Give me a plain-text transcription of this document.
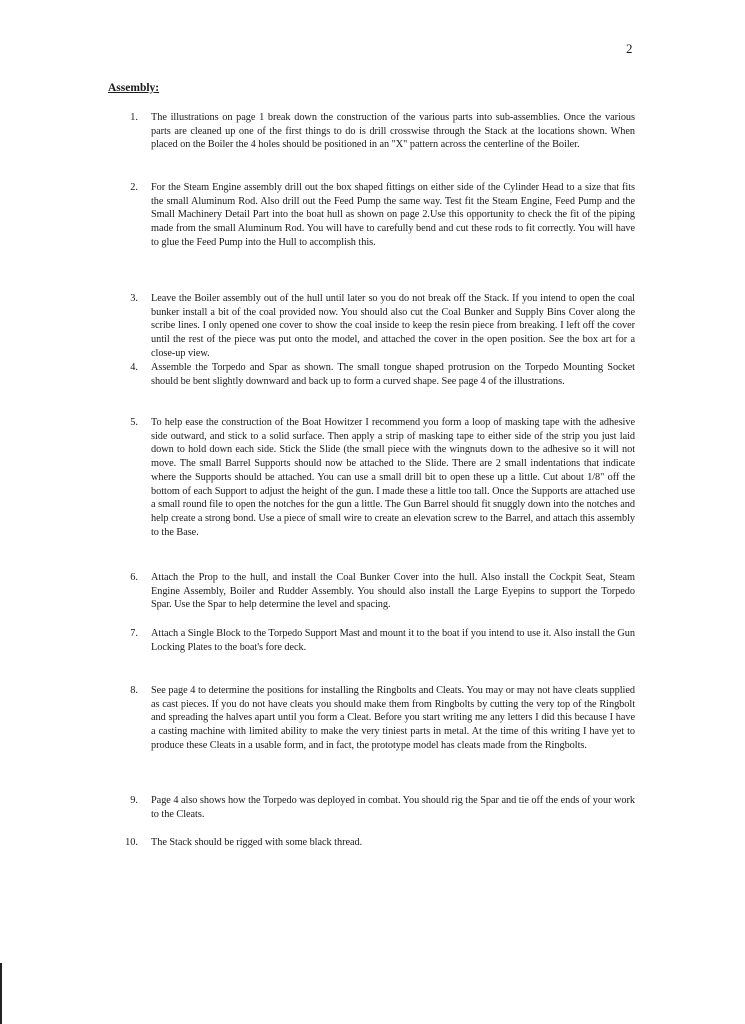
2
Assembly:
1. The illustrations on page 1 break down the construction of the various parts into sub-assemblies. Once the various parts are cleaned up one of the first things to do is drill crosswise through the Stack at the locations shown. When placed on the Boiler the 4 holes should be positioned in an "X" pattern across the centerline of the Boiler.
2. For the Steam Engine assembly drill out the box shaped fittings on either side of the Cylinder Head to a size that fits the small Aluminum Rod. Also drill out the Feed Pump the same way. Test fit the Steam Engine, Feed Pump and the Small Machinery Detail Part into the boat hull as shown on page 2.Use this opportunity to check the fit of the piping made from the small Aluminum Rod. You will have to carefully bend and cut these rods to fit correctly. You will have to glue the Feed Pump into the Hull to accomplish this.
3. Leave the Boiler assembly out of the hull until later so you do not break off the Stack. If you intend to open the coal bunker install a bit of the coal provided now. You should also cut the Coal Bunker and Supply Bins Cover along the scribe lines. I only opened one cover to show the coal inside to keep the resin piece from breaking. I left off the cover until the rest of the piece was put onto the model, and attached the cover in the open position. See the box art for a close-up view.
4. Assemble the Torpedo and Spar as shown. The small tongue shaped protrusion on the Torpedo Mounting Socket should be bent slightly downward and back up to form a curved shape. See page 4 of the illustrations.
5. To help ease the construction of the Boat Howitzer I recommend you form a loop of masking tape with the adhesive side outward, and stick to a solid surface. Then apply a strip of masking tape to either side of the strip you just laid down to hold down each side. Stick the Slide (the small piece with the wingnuts down to the adhesive so it will not move. The small Barrel Supports should now be attached to the Slide. There are 2 small indentations that indicate where the Supports should be attached. You can use a small drill bit to open these up a little. Cut about 1/8" off the bottom of each Support to adjust the height of the gun. I made these a little too tall. Once the Supports are attached use a small round file to open the notches for the gun a little. The Gun Barrel should fit snuggly down into the notches and help create a strong bond. Use a piece of small wire to create an elevation screw to the Barrel, and attach this assembly to the Base.
6. Attach the Prop to the hull, and install the Coal Bunker Cover into the hull. Also install the Cockpit Seat, Steam Engine Assembly, Boiler and Rudder Assembly. You should also install the Large Eyepins to support the Torpedo Spar. Use the Spar to help determine the level and spacing.
7. Attach a Single Block to the Torpedo Support Mast and mount it to the boat if you intend to use it. Also install the Gun Locking Plates to the boat's fore deck.
8. See page 4 to determine the positions for installing the Ringbolts and Cleats. You may or may not have cleats supplied as cast pieces. If you do not have cleats you should make them from Ringbolts by cutting the very top of the Ringbolt and spreading the halves apart until you form a Cleat. Before you start writing me any letters I did this because I have a casting machine with limited ability to make the very tiniest parts in metal. At the time of this writing I have yet to produce these Cleats in a usable form, and in fact, the prototype model has cleats made from the Ringbolts.
9. Page 4 also shows how the Torpedo was deployed in combat. You should rig the Spar and tie off the ends of your work to the Cleats.
10. The Stack should be rigged with some black thread.
